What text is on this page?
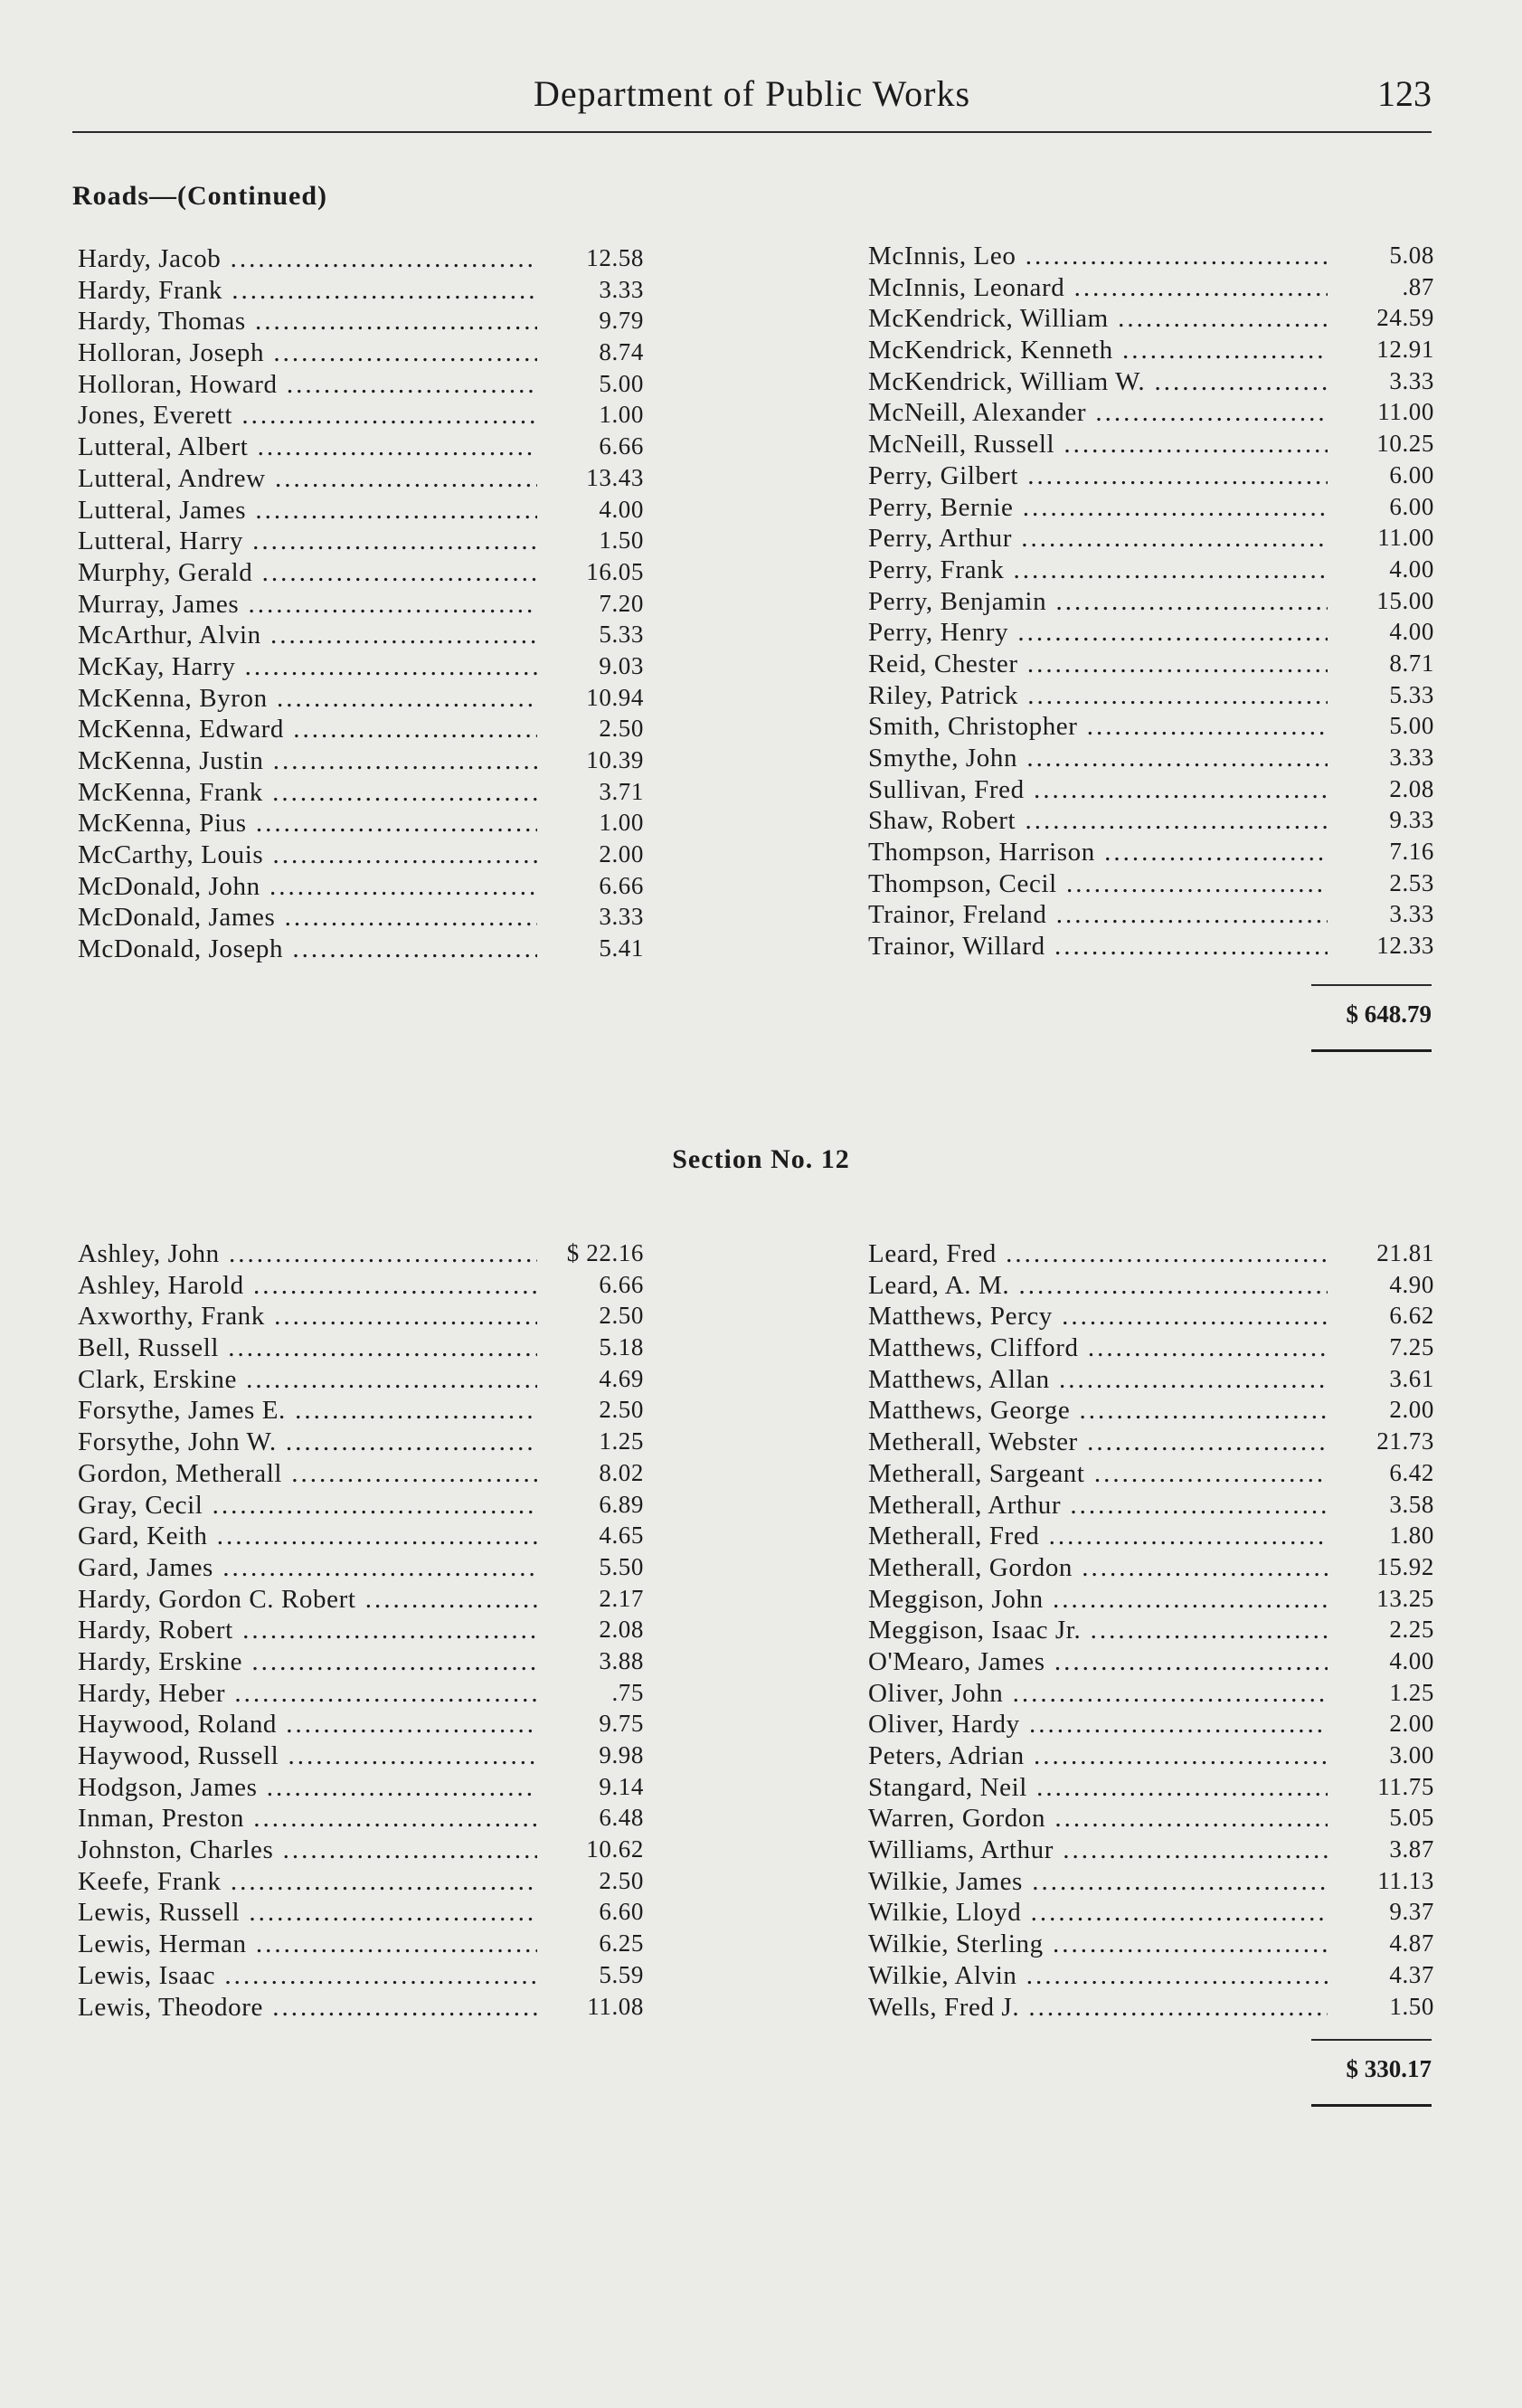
Department of Public Works	123
Roads—(Continued)
Hardy, Jacob .....	12.58
Hardy, Frank .....	3.33
Hardy, Thomas .....	9.79
Holloran, Joseph .....	8.74
Holloran, Howard .....	5.00
Jones, Everett .....	1.00
Lutteral, Albert .....	6.66
Lutteral, Andrew .....	13.43
Lutteral, James .....	4.00
Lutteral, Harry .....	1.50
Murphy, Gerald .....	16.05
Murray, James .....	7.20
McArthur, Alvin .....	5.33
McKay, Harry .....	9.03
McKenna, Byron .....	10.94
McKenna, Edward .....	2.50
McKenna, Justin .....	10.39
McKenna, Frank .....	3.71
McKenna, Pius .....	1.00
McCarthy, Louis .....	2.00
McDonald, John .....	6.66
McDonald, James .....	3.33
McDonald, Joseph .....	5.41
McInnis, Leo .....	5.08
McInnis, Leonard .....	.87
McKendrick, William .....	24.59
McKendrick, Kenneth .....	12.91
McKendrick, William W. .....	3.33
McNeill, Alexander .....	11.00
McNeill, Russell .....	10.25
Perry, Gilbert .....	6.00
Perry, Bernie .....	6.00
Perry, Arthur .....	11.00
Perry, Frank .....	4.00
Perry, Benjamin .....	15.00
Perry, Henry .....	4.00
Reid, Chester .....	8.71
Riley, Patrick .....	5.33
Smith, Christopher .....	5.00
Smythe, John .....	3.33
Sullivan, Fred .....	2.08
Shaw, Robert .....	9.33
Thompson, Harrison .....	7.16
Thompson, Cecil .....	2.53
Trainor, Freland .....	3.33
Trainor, Willard .....	12.33
$ 648.79
Section No. 12
Ashley, John .....	$ 22.16
Ashley, Harold .....	6.66
Axworthy, Frank .....	2.50
Bell, Russell .....	5.18
Clark, Erskine .....	4.69
Forsythe, James E. .....	2.50
Forsythe, John W. .....	1.25
Gordon, Metherall .....	8.02
Gray, Cecil .....	6.89
Gard, Keith .....	4.65
Gard, James .....	5.50
Hardy, Gordon C. Robert .....	2.17
Hardy, Robert .....	2.08
Hardy, Erskine .....	3.88
Hardy, Heber .....	.75
Haywood, Roland .....	9.75
Haywood, Russell .....	9.98
Hodgson, James .....	9.14
Inman, Preston .....	6.48
Johnston, Charles .....	10.62
Keefe, Frank .....	2.50
Lewis, Russell .....	6.60
Lewis, Herman .....	6.25
Lewis, Isaac .....	5.59
Lewis, Theodore .....	11.08
Leard, Fred .....	21.81
Leard, A. M. .....	4.90
Matthews, Percy .....	6.62
Matthews, Clifford .....	7.25
Matthews, Allan .....	3.61
Matthews, George .....	2.00
Metherall, Webster .....	21.73
Metherall, Sargeant .....	6.42
Metherall, Arthur .....	3.58
Metherall, Fred .....	1.80
Metherall, Gordon .....	15.92
Meggison, John .....	13.25
Meggison, Isaac Jr. .....	2.25
O'Mearo, James .....	4.00
Oliver, John .....	1.25
Oliver, Hardy .....	2.00
Peters, Adrian .....	3.00
Stangard, Neil .....	11.75
Warren, Gordon .....	5.05
Williams, Arthur .....	3.87
Wilkie, James .....	11.13
Wilkie, Lloyd .....	9.37
Wilkie, Sterling .....	4.87
Wilkie, Alvin .....	4.37
Wells, Fred J. .....	1.50
$ 330.17
